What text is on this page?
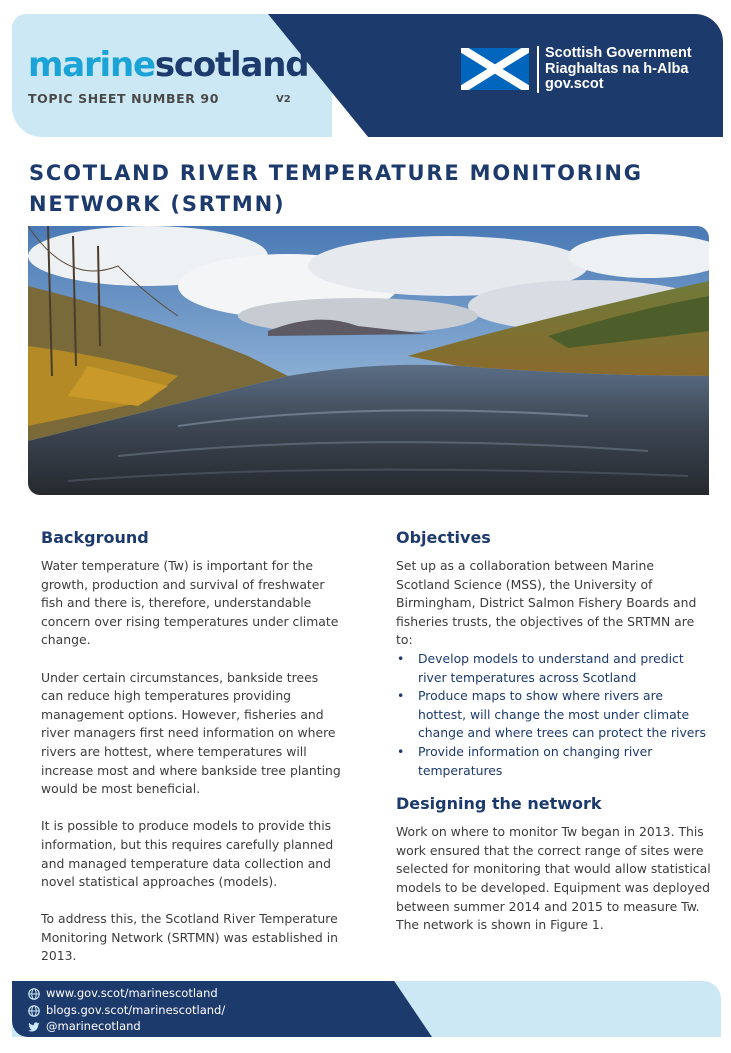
marinescotland
TOPIC SHEET NUMBER 90	V2
Scottish Government
Riaghaltas na h-Alba
gov.scot
SCOTLAND RIVER TEMPERATURE MONITORING
NETWORK (SRTMN)
Background

Water temperature (Tw) is important for the growth, production and survival of freshwater fish and there is, therefore, understandable concern over rising temperatures under climate change.

Under certain circumstances, bankside trees can reduce high temperatures providing management options. However, fisheries and river managers first need information on where rivers are hottest, where temperatures will increase most and where bankside tree planting would be most beneficial.

It is possible to produce models to provide this information, but this requires carefully planned and managed temperature data collection and novel statistical approaches (models).

To address this, the Scotland River Temperature Monitoring Network (SRTMN) was established in 2013.

Objectives

Set up as a collaboration between Marine Scotland Science (MSS), the University of Birmingham, District Salmon Fishery Boards and fisheries trusts, the objectives of the SRTMN are to:

• Develop models to understand and predict river temperatures across Scotland
• Produce maps to show where rivers are hottest, will change the most under climate change and where trees can protect the rivers
• Provide information on changing river temperatures
Designing the network

Work on where to monitor Tw began in 2013. This work ensured that the correct range of sites were selected for monitoring that would allow statistical models to be developed. Equipment was deployed between summer 2014 and 2015 to measure Tw. The network is shown in Figure 1.

www.gov.scot/marinescotland
blogs.gov.scot/marinescotland/
@marinecotland
